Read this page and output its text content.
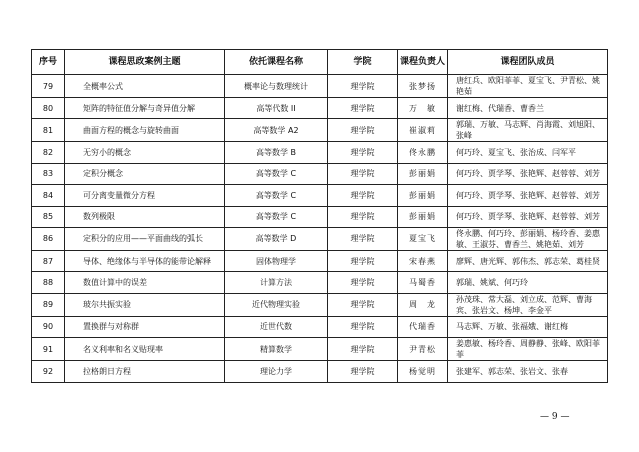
序号	课程思政案例主题	依托课程名称	学院	课程负责人	课程团队成员
79	全概率公式	概率论与数理统计	理学院	张梦扬	唐红兵、欧阳菲菲、夏宝飞、尹青松、姚艳茹
80	矩阵的特征值分解与奇异值分解	高等代数 II	理学院	万　敏	谢红梅、代瑞香、曹香兰
81	曲面方程的概念与旋转曲面	高等数学 A2	理学院	崔淑莉	郭瑞、万敏、马志辉、肖海霞、刘旭阳、张峰
82	无穷小的概念	高等数学 B	理学院	佟永鹏	何巧玲、夏宝飞、张治成、闫军平
83	定积分概念	高等数学 C	理学院	彭丽娟	何巧玲、贾学琴、张艳辉、赵蓉蓉、刘芳
84	可分离变量微分方程	高等数学 C	理学院	彭丽娟	何巧玲、贾学琴、张艳辉、赵蓉蓉、刘芳
85	数列极限	高等数学 C	理学院	彭丽娟	何巧玲、贾学琴、张艳辉、赵蓉蓉、刘芳
86	定积分的应用——平面曲线的弧长	高等数学 D	理学院	夏宝飞	佟永鹏、何巧玲、彭丽娟、杨玲香、姜惠敏、王淑芬、曹香兰、姚艳茹、刘芳
87	导体、绝缘体与半导体的能带论解释	固体物理学	理学院	宋春燕	廖辉、唐光辉、郭伟杰、郭志荣、葛桂贤
88	数值计算中的误差	计算方法	理学院	马蜀香	郭瑞、姚斌、何巧玲
89	玻尔共振实验	近代物理实验	理学院	周　龙	孙茂珠、常大磊、刘立成、范辉、曹海宾、张岩文、杨坤、李金平
90	置换群与对称群	近世代数	理学院	代瑞香	马志辉、万敏、张福娥、谢红梅
91	名义利率和名义贴现率	精算数学	理学院	尹青松	姜惠敏、杨玲香、周静静、张峰、欧阳菲菲
92	拉格朗日方程	理论力学	理学院	杨觉明	张建军、郭志荣、张岩文、张春
— 9 —
